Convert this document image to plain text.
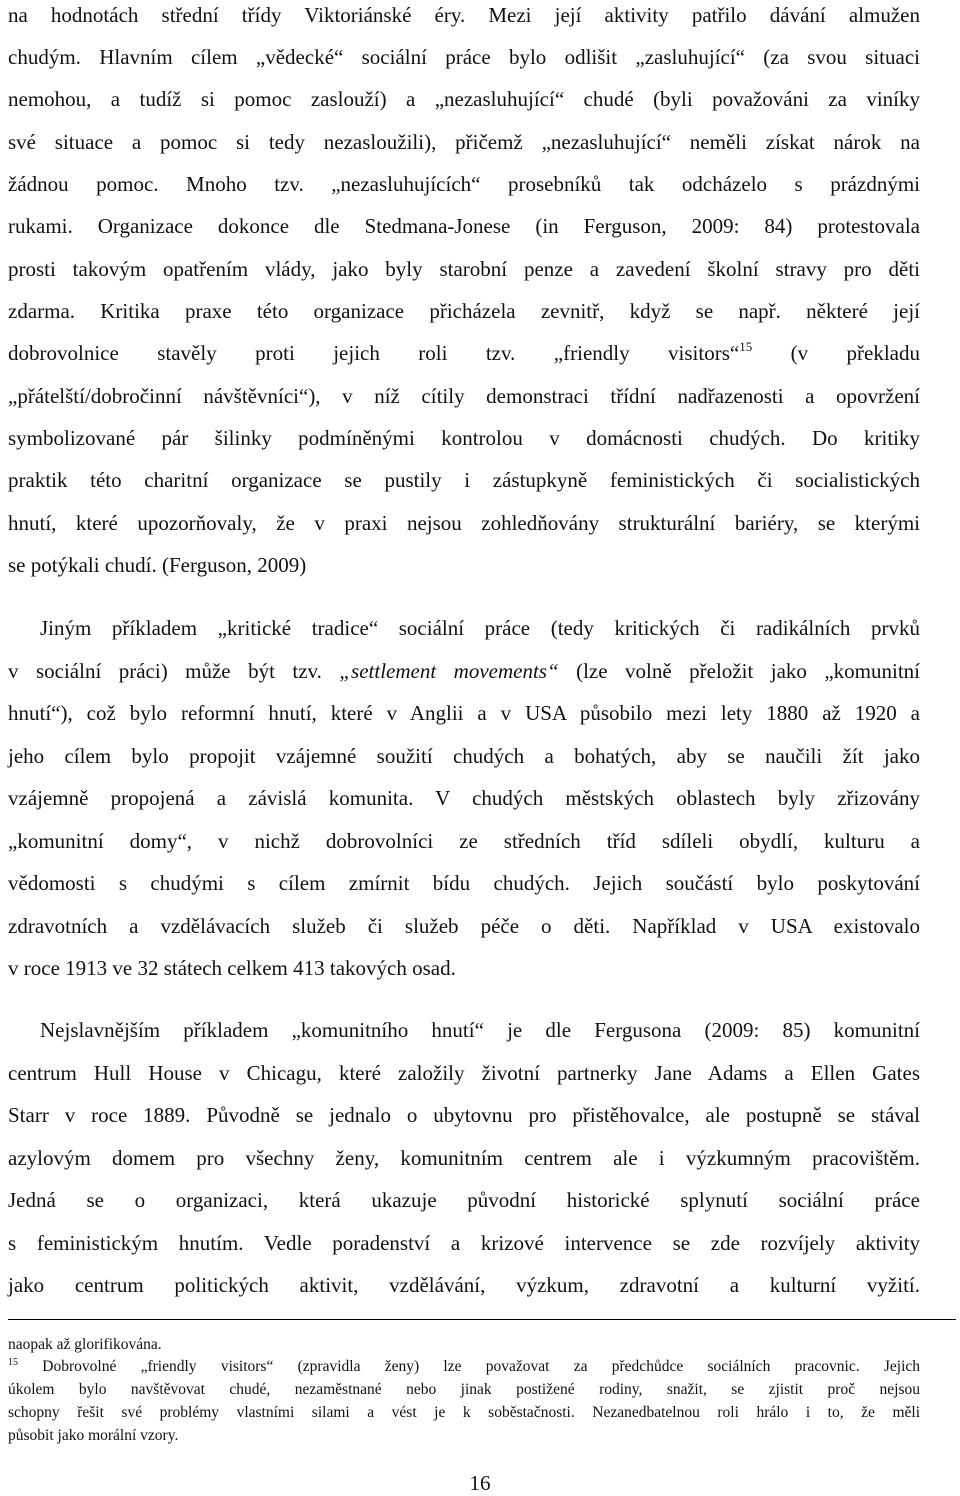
na hodnotách střední třídy Viktoriánské éry. Mezi její aktivity patřilo dávání almužen
chudým. Hlavním cílem „vědecké“ sociální práce bylo odlišit „zasluhující“ (za svou situaci
nemohou, a tudíž si pomoc zaslouží) a „nezasluhující“ chudé (byli považováni za viníky
své situace a pomoc si tedy nezasloužili), přičemž „nezasluhující“ neměli získat nárok na
žádnou pomoc. Mnoho tzv. „nezasluhujících“ prosebníků tak odcházelo s prázdnými
rukami. Organizace dokonce dle Stedmana-Jonese (in Ferguson, 2009: 84) protestovala
prosti takovým opatřením vlády, jako byly starobní penze a zavedení školní stravy pro děti
zdarma. Kritika praxe této organizace přicházela zevnitř, když se např. některé její
dobrovolnice stavěly proti jejich roli tzv. „friendly visitors“$^{15}$ (v překladu
„přátelští/dobročinní návštěvníci“), v níž cítily demonstraci třídní nadřazenosti a opovržení
symbolizované pár šilinky podmíněnými kontrolou v domácnosti chudých. Do kritiky
praktik této charitní organizace se pustily i zástupkyně feministických či socialistických
hnutí, které upozorňovaly, že v praxi nejsou zohledňovány strukturální bariéry, se kterými
se potýkali chudí. (Ferguson, 2009)
Jiným příkladem „kritické tradice“ sociální práce (tedy kritických či radikálních prvků
v sociální práci) může být tzv. „settlement movements“ (lze volně přeložit jako „komunitní
hnutí“), což bylo reformní hnutí, které v Anglii a v USA působilo mezi lety 1880 až 1920 a
jeho cílem bylo propojit vzájemné soužití chudých a bohatých, aby se naučili žít jako
vzájemně propojená a závislá komunita. V chudých městských oblastech byly zřizovány
„komunitní domy“, v nichž dobrovolníci ze středních tříd sdíleli obydlí, kulturu a
vědomosti s chudými s cílem zmírnit bídu chudých. Jejich součástí bylo poskytování
zdravotních a vzdělávacích služeb či služeb péče o děti. Například v USA existovalo
v roce 1913 ve 32 státech celkem 413 takových osad.
Nejslavnějším příkladem „komunitního hnutí“ je dle Fergusona (2009: 85) komunitní
centrum Hull House v Chicagu, které založily životní partnerky Jane Adams a Ellen Gates
Starr v roce 1889. Původně se jednalo o ubytovnu pro přistěhovalce, ale postupně se stával
azylovým domem pro všechny ženy, komunitním centrem ale i výzkumným pracovištěm.
Jedná se o organizaci, která ukazuje původní historické splynutí sociální práce
s feministickým hnutím. Vedle poradenství a krizové intervence se zde rozvíjely aktivity
jako centrum politických aktivit, vzdělávání, výzkum, zdravotní a kulturní vyžití.
naopak až glorifikována.
$^{15}$ Dobrovolné „friendly visitors“ (zpravidla ženy) lze považovat za předchůdce sociálních pracovnic. Jejich
úkolem bylo navštěvovat chudé, nezaměstnané nebo jinak postižené rodiny, snažit, se zjistit proč nejsou
schopny řešit své problémy vlastními silami a vést je k soběstačnosti. Nezanedbatelnou roli hrálo i to, že měli
působit jako morální vzory.
16
